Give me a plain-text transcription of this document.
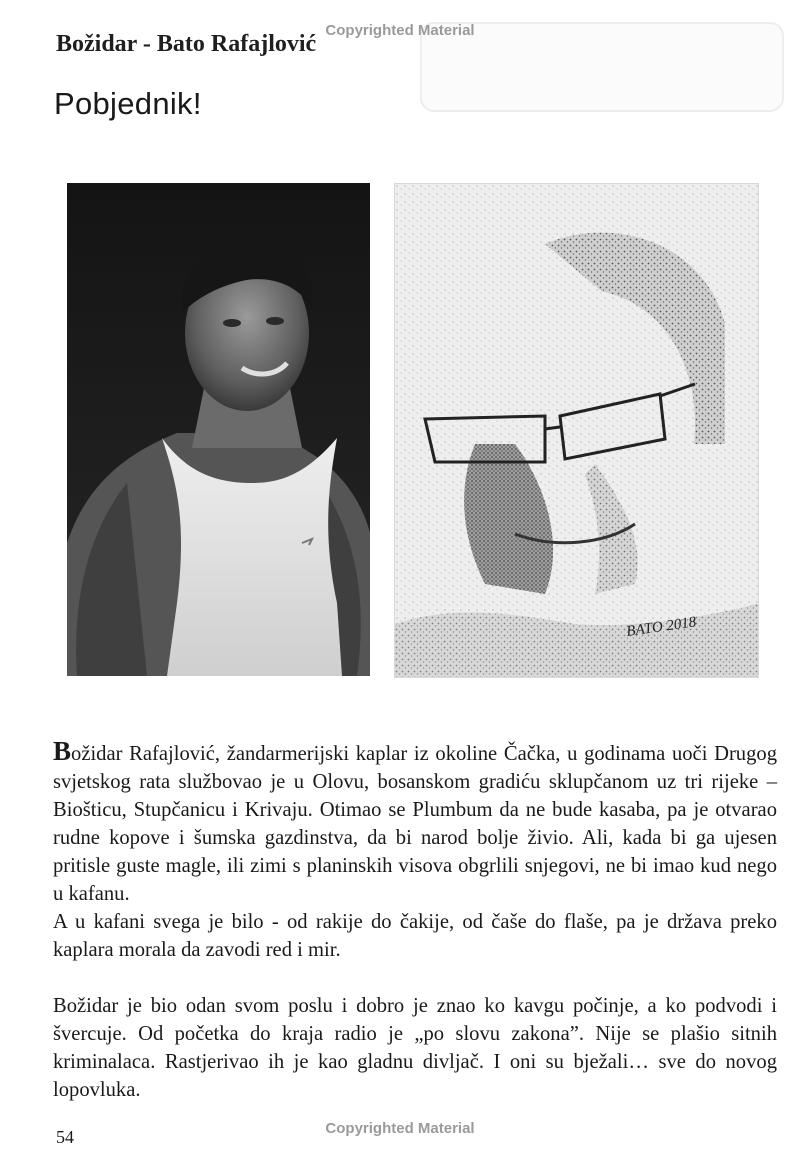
Copyrighted Material
Božidar - Bato Rafajlović
Pobjednik!
BATO 2018

Božidar Rafajlović, žandarmerijski kaplar iz okoline Čačka, u godinama uoči Drugog svjetskog rata službovao je u Olovu, bosanskom gradiću sklupčanom uz tri rijeke – Bioštic​u, Stupčanicu i Krivaju. Otimao se Plumbum da ne bude kasaba, pa je otvarao rudne kopove i šumska gazdinstva, da bi narod bolje živio. Ali, kada bi ga ujesen pritisle guste magle, ili zimi s planinskih visova obgrlili snjegovi, ne bi imao kud nego u kafanu.

A u kafani svega je bilo - od rakije do čakije, od čaše do flaše, pa je država preko kaplara morala da zavodi red i mir.

Božidar je bio odan svom poslu i dobro je znao ko kavgu počinje, a ko podvodi i švercuje. Od početka do kraja radio je „po slovu zakona”. Nije se plašio sitnih kriminalaca. Rastjerivao ih je kao gladnu divljač. I oni su bježali… sve do novog lopovluka.

54	Copyrighted Material
